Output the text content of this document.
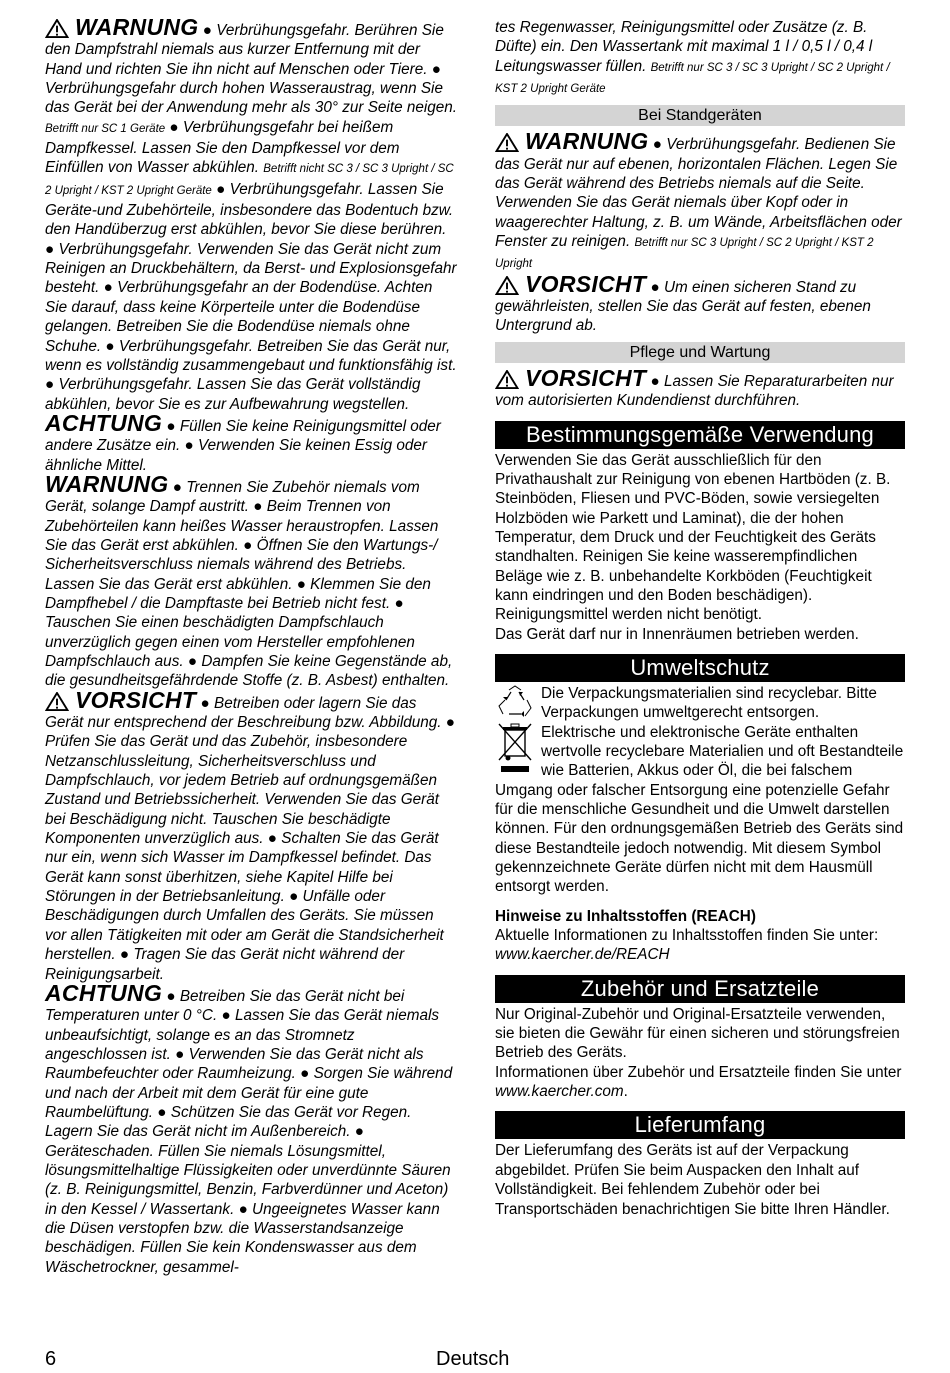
WARNUNG ● Verbrühungsgefahr. Berühren Sie den Dampfstrahl niemals aus kurzer Entfernung mit der Hand und richten Sie ihn nicht auf Menschen oder Tiere. ● Verbrühungsgefahr durch hohen Wasseraustrag, wenn Sie das Gerät bei der Anwendung mehr als 30° zur Seite neigen. Betrifft nur SC 1 Geräte ● Verbrühungsgefahr bei heißem Dampfkessel. Lassen Sie den Dampfkessel vor dem Einfüllen von Wasser abkühlen. Betrifft nicht SC 3 / SC 3 Upright / SC 2 Upright / KST 2 Upright Geräte ● Verbrühungsgefahr. Lassen Sie Geräte-und Zubehörteile, insbesondere das Bodentuch bzw. den Handüberzug erst abkühlen, bevor Sie diese berühren. ● Verbrühungsgefahr. Verwenden Sie das Gerät nicht zum Reinigen an Druckbehältern, da Berst- und Explosionsgefahr besteht. ● Verbrühungsgefahr an der Bodendüse. Achten Sie darauf, dass keine Körperteile unter die Bodendüse gelangen. Betreiben Sie die Bodendüse niemals ohne Schuhe. ● Verbrühungsgefahr. Betreiben Sie das Gerät nur, wenn es vollständig zusammengebaut und funktionsfähig ist. ● Verbrühungsgefahr. Lassen Sie das Gerät vollständig abkühlen, bevor Sie es zur Aufbewahrung wegstellen.

ACHTUNG ● Füllen Sie keine Reinigungsmittel oder andere Zusätze ein. ● Verwenden Sie keinen Essig oder ähnliche Mittel.

WARNUNG ● Trennen Sie Zubehör niemals vom Gerät, solange Dampf austritt. ● Beim Trennen von Zubehörteilen kann heißes Wasser heraustropfen. Lassen Sie das Gerät erst abkühlen. ● Öffnen Sie den Wartungs-/ Sicherheitsverschluss niemals während des Betriebs. Lassen Sie das Gerät erst abkühlen. ● Klemmen Sie den Dampfhebel / die Dampftaste bei Betrieb nicht fest. ● Tauschen Sie einen beschädigten Dampfschlauch unverzüglich gegen einen vom Hersteller empfohlenen Dampfschlauch aus. ● Dampfen Sie keine Gegenstände ab, die gesundheitsgefährdende Stoffe (z. B. Asbest) enthalten.

VORSICHT ● Betreiben oder lagern Sie das Gerät nur entsprechend der Beschreibung bzw. Abbildung. ● Prüfen Sie das Gerät und das Zubehör, insbesondere Netzanschlussleitung, Sicherheitsverschluss und Dampfschlauch, vor jedem Betrieb auf ordnungsgemäßen Zustand und Betriebssicherheit. Verwenden Sie das Gerät bei Beschädigung nicht. Tauschen Sie beschädigte Komponenten unverzüglich aus. ● Schalten Sie das Gerät nur ein, wenn sich Wasser im Dampfkessel befindet. Das Gerät kann sonst überhitzen, siehe Kapitel Hilfe bei Störungen in der Betriebsanleitung. ● Unfälle oder Beschädigungen durch Umfallen des Geräts. Sie müssen vor allen Tätigkeiten mit oder am Gerät die Standsicherheit herstellen. ● Tragen Sie das Gerät nicht während der Reinigungsarbeit.

ACHTUNG ● Betreiben Sie das Gerät nicht bei Temperaturen unter 0 °C. ● Lassen Sie das Gerät niemals unbeaufsichtigt, solange es an das Stromnetz angeschlossen ist. ● Verwenden Sie das Gerät nicht als Raumbefeuchter oder Raumheizung. ● Sorgen Sie während und nach der Arbeit mit dem Gerät für eine gute Raumbelüftung. ● Schützen Sie das Gerät vor Regen. Lagern Sie das Gerät nicht im Außenbereich. ● Geräteschaden. Füllen Sie niemals Lösungsmittel, lösungsmittelhaltige Flüssigkeiten oder unverdünnte Säuren (z. B. Reinigungsmittel, Benzin, Farbverdünner und Aceton) in den Kessel / Wassertank. ● Ungeeignetes Wasser kann die Düsen verstopfen bzw. die Wasserstandsanzeige beschädigen. Füllen Sie kein Kondenswasser aus dem Wäschetrockner, gesammel-

tes Regenwasser, Reinigungsmittel oder Zusätze (z. B. Düfte) ein. Den Wassertank mit maximal 1 l / 0,5 l / 0,4 l Leitungswasser füllen. Betrifft nur SC 3 / SC 3 Upright / SC 2 Upright / KST 2 Upright Geräte

Bei Standgeräten

WARNUNG ● Verbrühungsgefahr. Bedienen Sie das Gerät nur auf ebenen, horizontalen Flächen. Legen Sie das Gerät während des Betriebs niemals auf die Seite. Verwenden Sie das Gerät niemals über Kopf oder in waagerechter Haltung, z. B. um Wände, Arbeitsflächen oder Fenster zu reinigen. Betrifft nur SC 3 Upright / SC 2 Upright / KST 2 Upright

VORSICHT ● Um einen sicheren Stand zu gewährleisten, stellen Sie das Gerät auf festen, ebenen Untergrund ab.

Pflege und Wartung

VORSICHT ● Lassen Sie Reparaturarbeiten nur vom autorisierten Kundendienst durchführen.

Bestimmungsgemäße Verwendung

Verwenden Sie das Gerät ausschließlich für den Privathaushalt zur Reinigung von ebenen Hartböden (z. B. Steinböden, Fliesen und PVC-Böden, sowie versiegelten Holzböden wie Parkett und Laminat), die der hohen Temperatur, dem Druck und der Feuchtigkeit des Geräts standhalten. Reinigen Sie keine wasserempfindlichen Beläge wie z. B. unbehandelte Korkböden (Feuchtigkeit kann eindringen und den Boden beschädigen).

Reinigungsmittel werden nicht benötigt.

Das Gerät darf nur in Innenräumen betrieben werden.

Umweltschutz

Die Verpackungsmaterialien sind recyclebar. Bitte Verpackungen umweltgerecht entsorgen.

Elektrische und elektronische Geräte enthalten wertvolle recyclebare Materialien und oft Bestandteile wie Batterien, Akkus oder Öl, die bei falschem Umgang oder falscher Entsorgung eine potenzielle Gefahr für die menschliche Gesundheit und die Umwelt darstellen können. Für den ordnungsgemäßen Betrieb des Geräts sind diese Bestandteile jedoch notwendig. Mit diesem Symbol gekennzeichnete Geräte dürfen nicht mit dem Hausmüll entsorgt werden.

Hinweise zu Inhaltsstoffen (REACH)

Aktuelle Informationen zu Inhaltsstoffen finden Sie unter: www.kaercher.de/REACH

Zubehör und Ersatzteile

Nur Original-Zubehör und Original-Ersatzteile verwenden, sie bieten die Gewähr für einen sicheren und störungsfreien Betrieb des Geräts.

Informationen über Zubehör und Ersatzteile finden Sie unter www.kaercher.com.

Lieferumfang

Der Lieferumfang des Geräts ist auf der Verpackung abgebildet. Prüfen Sie beim Auspacken den Inhalt auf Vollständigkeit. Bei fehlendem Zubehör oder bei Transportschäden benachrichtigen Sie bitte Ihren Händler.

6	Deutsch
